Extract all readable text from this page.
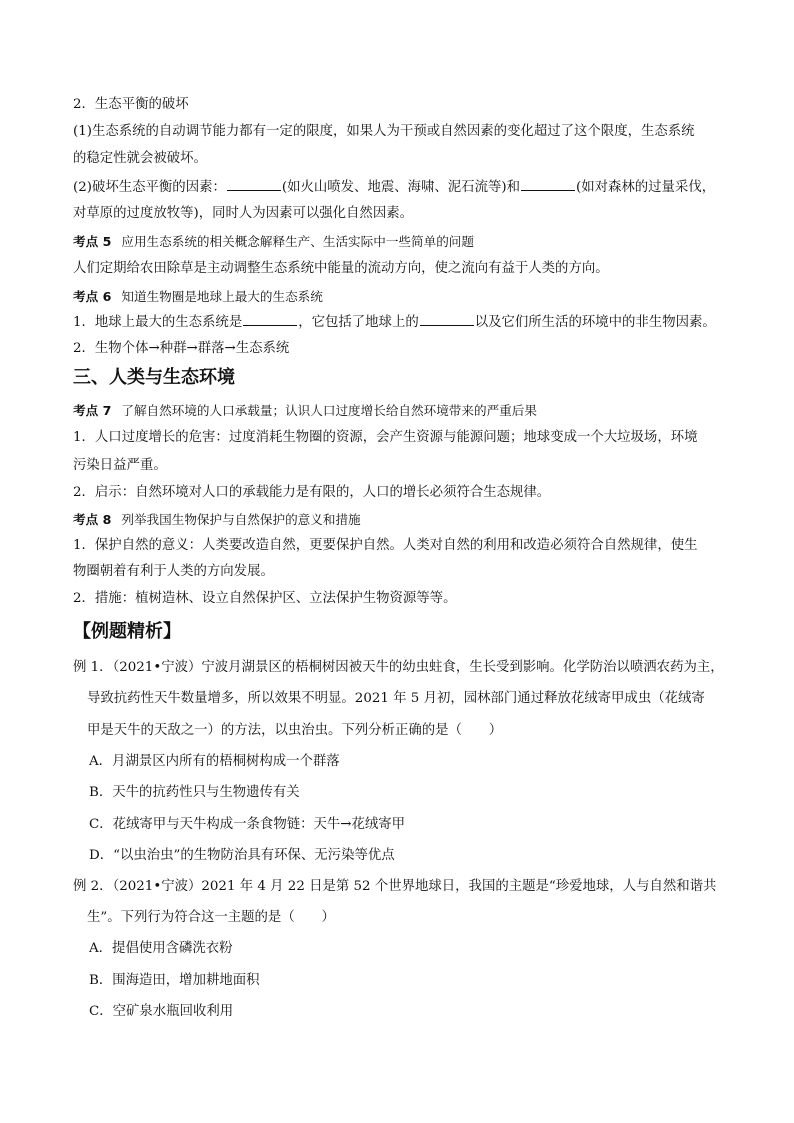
2．生态平衡的破坏
(1)生态系统的自动调节能力都有一定的限度，如果人为干预或自然因素的变化超过了这个限度，生态系统
的稳定性就会被破坏。
(2)破坏生态平衡的因素：	(如火山喷发、地震、海啸、泥石流等)和	(如对森林的过量采伐，
对草原的过度放牧等)，同时人为因素可以强化自然因素。
考点 5 应用生态系统的相关概念解释生产、生活实际中一些简单的问题
人们定期给农田除草是主动调整生态系统中能量的流动方向，使之流向有益于人类的方向。
考点 6 知道生物圈是地球上最大的生态系统
1．地球上最大的生态系统是	，它包括了地球上的	以及它们所生活的环境中的非生物因素。
2．生物个体→种群→群落→生态系统
三、人类与生态环境
考点 7 了解自然环境的人口承载量；认识人口过度增长给自然环境带来的严重后果
1．人口过度增长的危害：过度消耗生物圈的资源，会产生资源与能源问题；地球变成一个大垃圾场，环境
污染日益严重。
2．启示：自然环境对人口的承载能力是有限的，人口的增长必须符合生态规律。
考点 8 列举我国生物保护与自然保护的意义和措施
1．保护自然的意义：人类要改造自然，更要保护自然。人类对自然的利用和改造必须符合自然规律，使生
物圈朝着有利于人类的方向发展。
2．措施：植树造林、设立自然保护区、立法保护生物资源等等。
【例题精析】
例 1．（2021•宁波）宁波月湖景区的梧桐树因被天牛的幼虫蛀食，生长受到影响。化学防治以喷洒农药为主，
导致抗药性天牛数量增多，所以效果不明显。2021 年 5 月初，园林部门通过释放花绒寄甲成虫（花绒寄
甲是天牛的天敌之一）的方法，以虫治虫。下列分析正确的是（　　）
A．月湖景区内所有的梧桐树构成一个群落
B．天牛的抗药性只与生物遗传有关
C．花绒寄甲与天牛构成一条食物链：天牛→花绒寄甲
D．“以虫治虫”的生物防治具有环保、无污染等优点
例 2．（2021•宁波）2021 年 4 月 22 日是第 52 个世界地球日，我国的主题是“珍爱地球，人与自然和谐共
生”。下列行为符合这一主题的是（　　）
A．提倡使用含磷洗衣粉
B．围海造田，增加耕地面积
C．空矿泉水瓶回收利用
